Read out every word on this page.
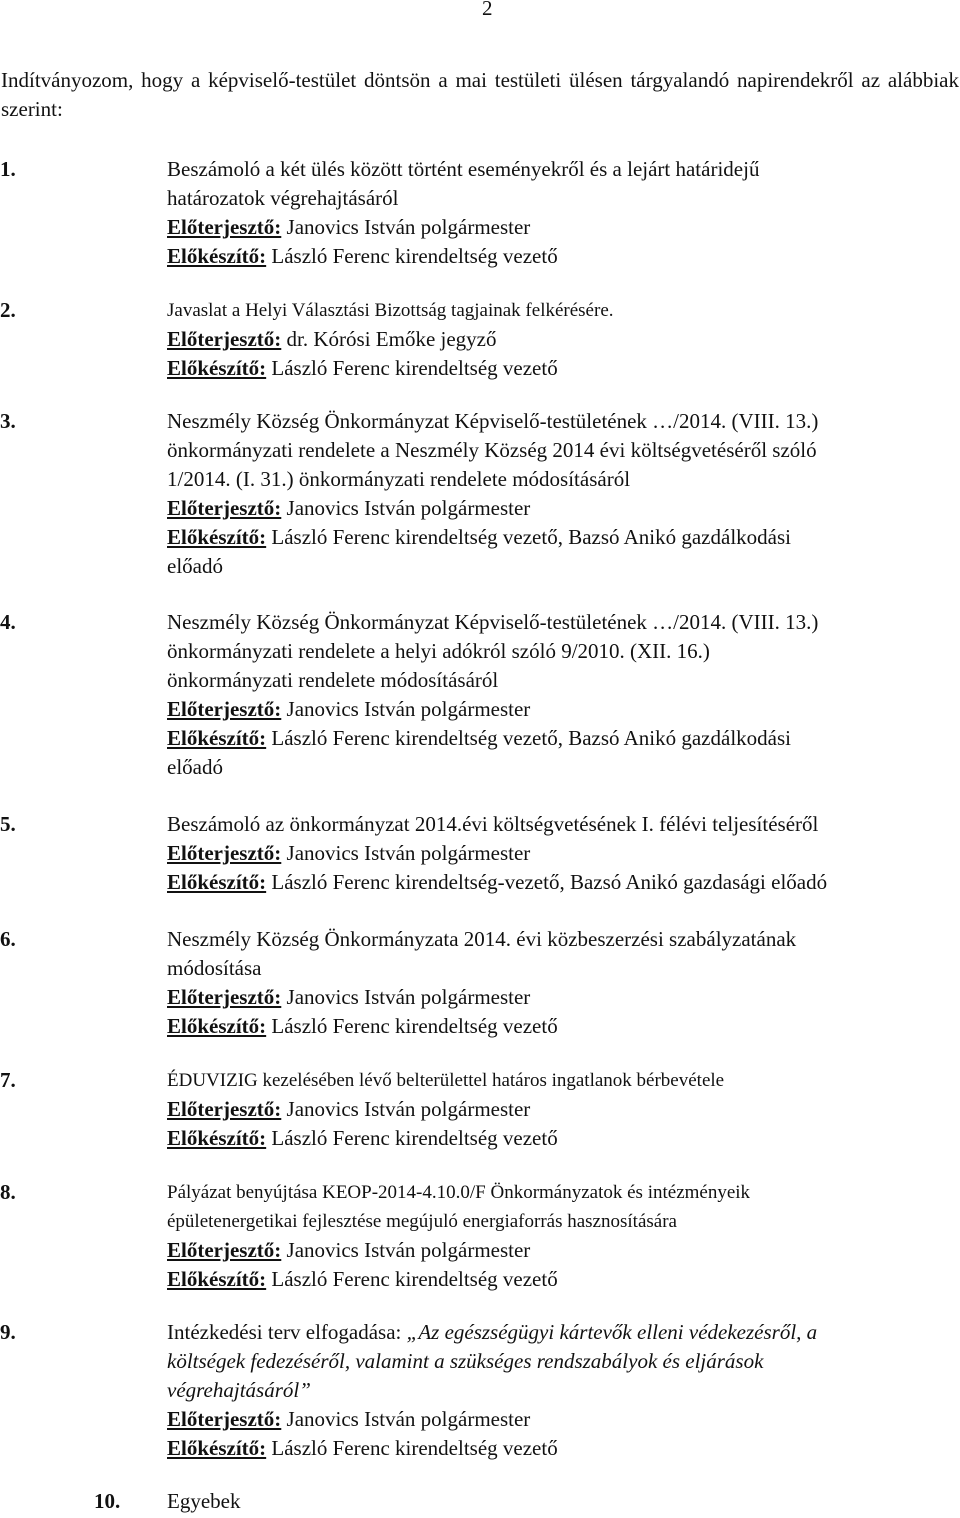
2
Indítványozom, hogy a képviselő-testület döntsön a mai testületi ülésen tárgyalandó napirendekről az alábbiak szerint:
1.	Beszámoló a két ülés között történt eseményekről és a lejárt határidejű
határozatok végrehajtásáról
Előterjesztő: Janovics István polgármester
Előkészítő: László Ferenc kirendeltség vezető
2.	Javaslat a Helyi Választási Bizottság tagjainak felkérésére.
Előterjesztő: dr. Kórósi Emőke jegyző
Előkészítő: László Ferenc kirendeltség vezető
3.	Neszmély Község Önkormányzat Képviselő-testületének …/2014. (VIII. 13.)
önkormányzati rendelete a Neszmély Község 2014 évi költségvetéséről szóló
1/2014. (I. 31.) önkormányzati rendelete módosításáról
Előterjesztő: Janovics István polgármester
Előkészítő: László Ferenc kirendeltség vezető, Bazsó Anikó gazdálkodási
előadó
4.	Neszmély Község Önkormányzat Képviselő-testületének …/2014. (VIII. 13.)
önkormányzati rendelete a helyi adókról szóló 9/2010. (XII. 16.)
önkormányzati rendelete módosításáról
Előterjesztő: Janovics István polgármester
Előkészítő: László Ferenc kirendeltség vezető, Bazsó Anikó gazdálkodási
előadó
5.	Beszámoló az önkormányzat 2014.évi költségvetésének I. félévi teljesítéséről
Előterjesztő: Janovics István polgármester
Előkészítő: László Ferenc kirendeltség-vezető, Bazsó Anikó gazdasági előadó
6.	Neszmély Község Önkormányzata 2014. évi közbeszerzési szabályzatának
módosítása
Előterjesztő: Janovics István polgármester
Előkészítő: László Ferenc kirendeltség vezető
7.	ÉDUVIZIG kezelésében lévő belterülettel határos ingatlanok bérbevétele
Előterjesztő: Janovics István polgármester
Előkészítő: László Ferenc kirendeltség vezető
8.	Pályázat benyújtása KEOP-2014-4.10.0/F Önkormányzatok és intézményeik
épületenergetikai fejlesztése megújuló energiaforrás hasznosítására
Előterjesztő: Janovics István polgármester
Előkészítő: László Ferenc kirendeltség vezető
9.	Intézkedési terv elfogadása: „Az egészségügyi kártevők elleni védekezésről, a
költségek fedezéséről, valamint a szükséges rendszabályok és eljárások
végrehajtásáról”
Előterjesztő: Janovics István polgármester
Előkészítő: László Ferenc kirendeltség vezető
10.	Egyebek
